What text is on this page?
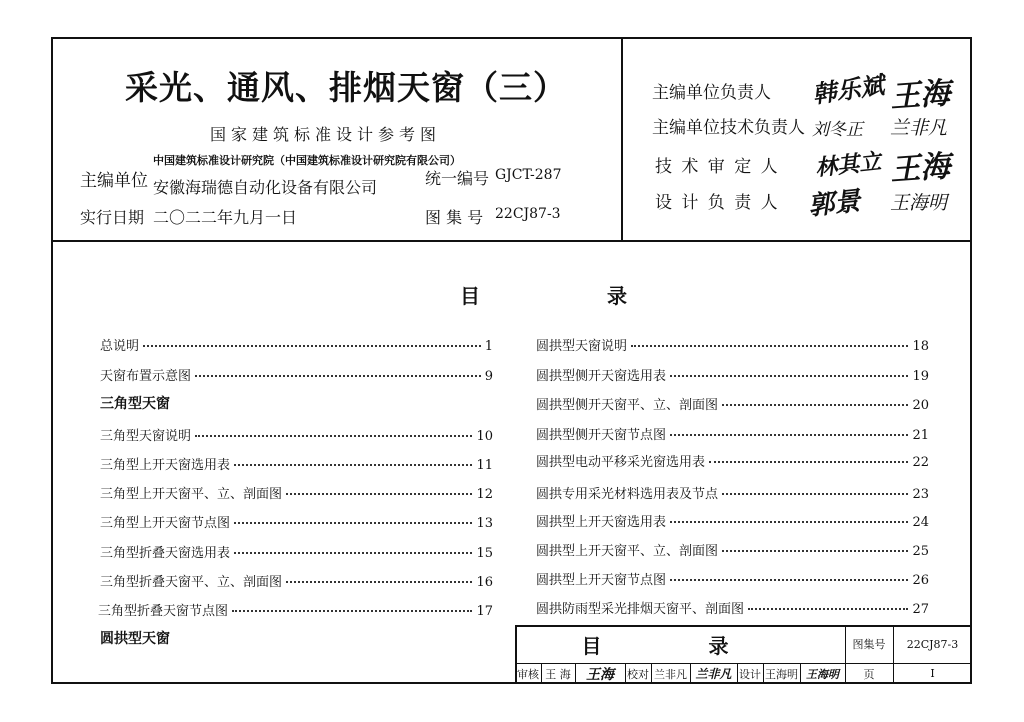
采光、通风、排烟天窗（三）
国家建筑标准设计参考图
主编单位
中国建筑标准设计研究院（中国建筑标准设计研究院有限公司）
安徽海瑞德自动化设备有限公司	统一编号 GJCT-287
实行日期 二〇二二年九月一日	图 集 号 22CJ87-3
主编单位负责人 韩乐斌 王海
主编单位技术负责人 刘冬正 兰非凡
技 术 审 定 人 林其立 王海
设 计 负 责 人 郭景 王海明
目 录
总说明	1
天窗布置示意图	9
三角型天窗
三角型天窗说明	10
三角型上开天窗选用表	11
三角型上开天窗平、立、剖面图	12
三角型上开天窗节点图	13
三角型折叠天窗选用表	15
三角型折叠天窗平、立、剖面图	16
三角型折叠天窗节点图	17
圆拱型天窗
圆拱型天窗说明	18
圆拱型侧开天窗选用表	19
圆拱型侧开天窗平、立、剖面图	20
圆拱型侧开天窗节点图	21
圆拱型电动平移采光窗选用表	22
圆拱专用采光材料选用表及节点	23
圆拱型上开天窗选用表	24
圆拱型上开天窗平、立、剖面图	25
圆拱型上开天窗节点图	26
圆拱防雨型采光排烟天窗平、剖面图	27
目 录	图集号	22CJ87-3
审核 王 海	王海	校对 兰非凡 兰非凡 设计 王海明 王海明	页	I
